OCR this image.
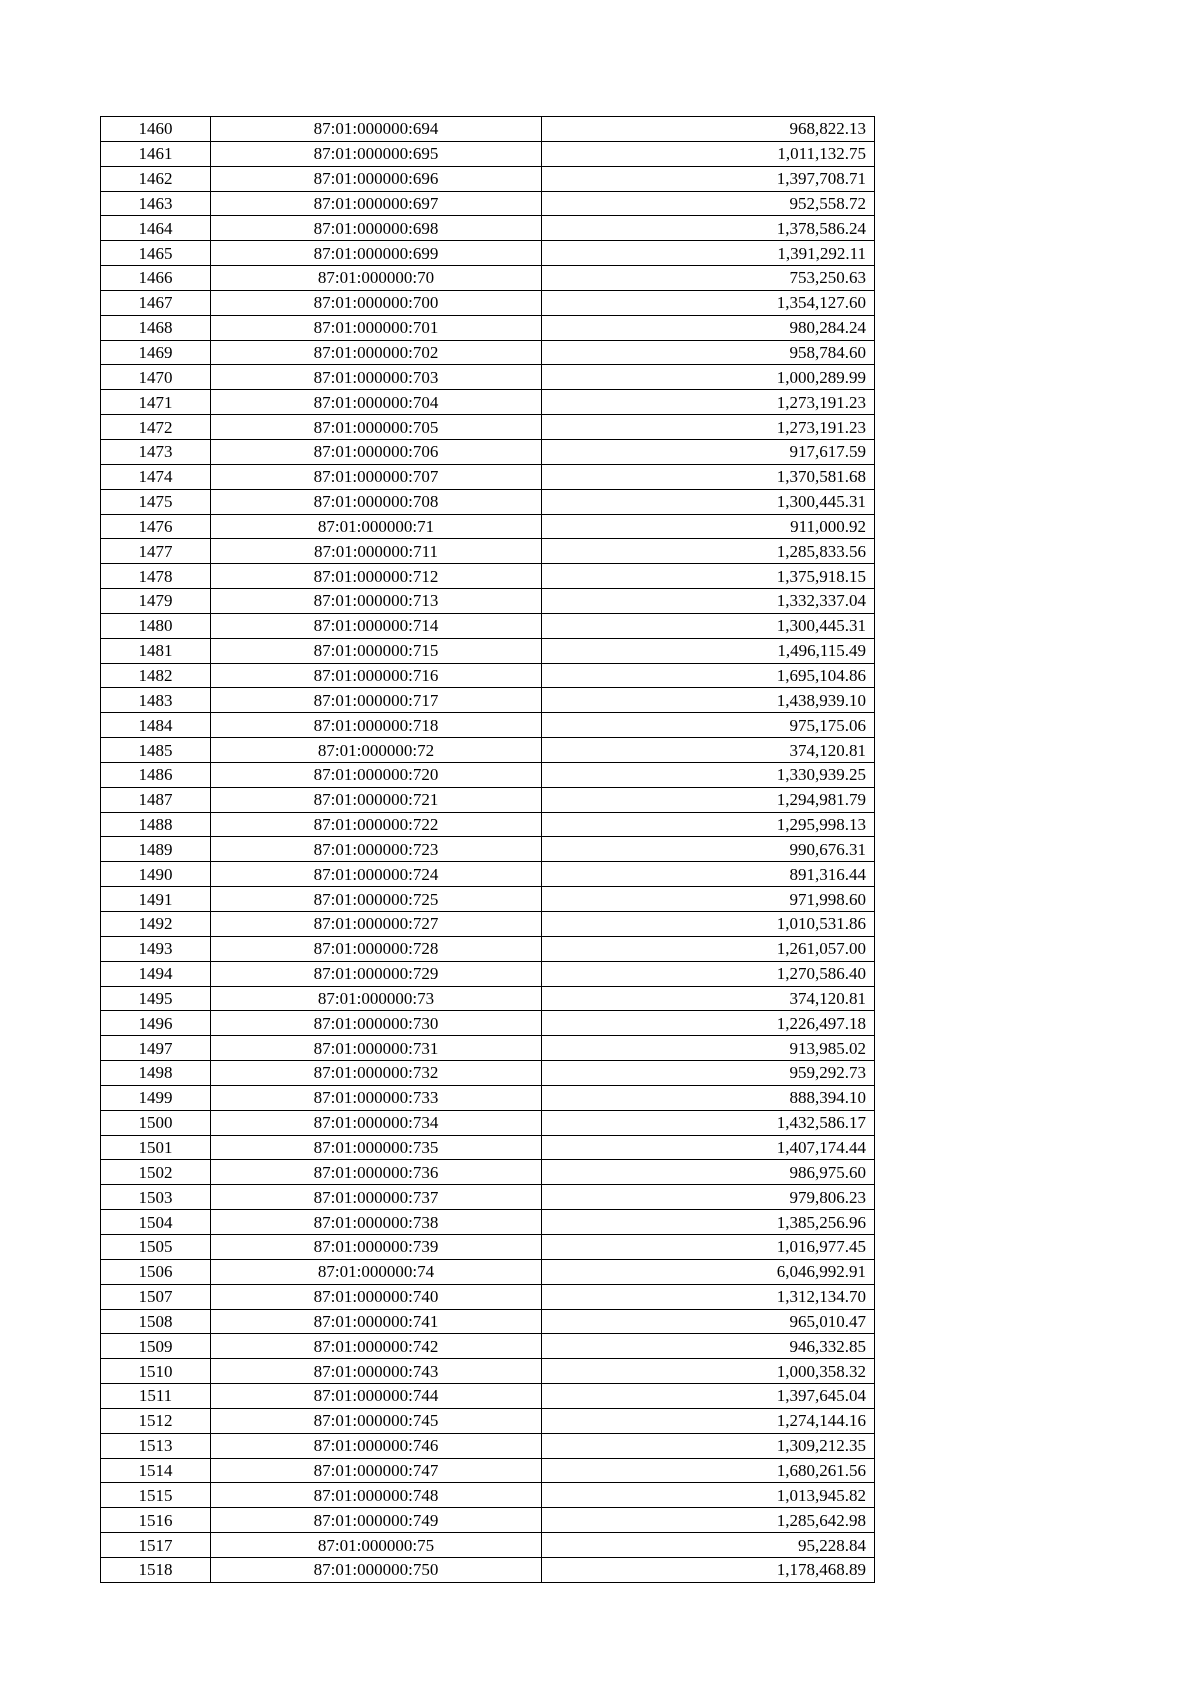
1460	87:01:000000:694	968,822.13
1461	87:01:000000:695	1,011,132.75
1462	87:01:000000:696	1,397,708.71
1463	87:01:000000:697	952,558.72
1464	87:01:000000:698	1,378,586.24
1465	87:01:000000:699	1,391,292.11
1466	87:01:000000:70	753,250.63
1467	87:01:000000:700	1,354,127.60
1468	87:01:000000:701	980,284.24
1469	87:01:000000:702	958,784.60
1470	87:01:000000:703	1,000,289.99
1471	87:01:000000:704	1,273,191.23
1472	87:01:000000:705	1,273,191.23
1473	87:01:000000:706	917,617.59
1474	87:01:000000:707	1,370,581.68
1475	87:01:000000:708	1,300,445.31
1476	87:01:000000:71	911,000.92
1477	87:01:000000:711	1,285,833.56
1478	87:01:000000:712	1,375,918.15
1479	87:01:000000:713	1,332,337.04
1480	87:01:000000:714	1,300,445.31
1481	87:01:000000:715	1,496,115.49
1482	87:01:000000:716	1,695,104.86
1483	87:01:000000:717	1,438,939.10
1484	87:01:000000:718	975,175.06
1485	87:01:000000:72	374,120.81
1486	87:01:000000:720	1,330,939.25
1487	87:01:000000:721	1,294,981.79
1488	87:01:000000:722	1,295,998.13
1489	87:01:000000:723	990,676.31
1490	87:01:000000:724	891,316.44
1491	87:01:000000:725	971,998.60
1492	87:01:000000:727	1,010,531.86
1493	87:01:000000:728	1,261,057.00
1494	87:01:000000:729	1,270,586.40
1495	87:01:000000:73	374,120.81
1496	87:01:000000:730	1,226,497.18
1497	87:01:000000:731	913,985.02
1498	87:01:000000:732	959,292.73
1499	87:01:000000:733	888,394.10
1500	87:01:000000:734	1,432,586.17
1501	87:01:000000:735	1,407,174.44
1502	87:01:000000:736	986,975.60
1503	87:01:000000:737	979,806.23
1504	87:01:000000:738	1,385,256.96
1505	87:01:000000:739	1,016,977.45
1506	87:01:000000:74	6,046,992.91
1507	87:01:000000:740	1,312,134.70
1508	87:01:000000:741	965,010.47
1509	87:01:000000:742	946,332.85
1510	87:01:000000:743	1,000,358.32
1511	87:01:000000:744	1,397,645.04
1512	87:01:000000:745	1,274,144.16
1513	87:01:000000:746	1,309,212.35
1514	87:01:000000:747	1,680,261.56
1515	87:01:000000:748	1,013,945.82
1516	87:01:000000:749	1,285,642.98
1517	87:01:000000:75	95,228.84
1518	87:01:000000:750	1,178,468.89
